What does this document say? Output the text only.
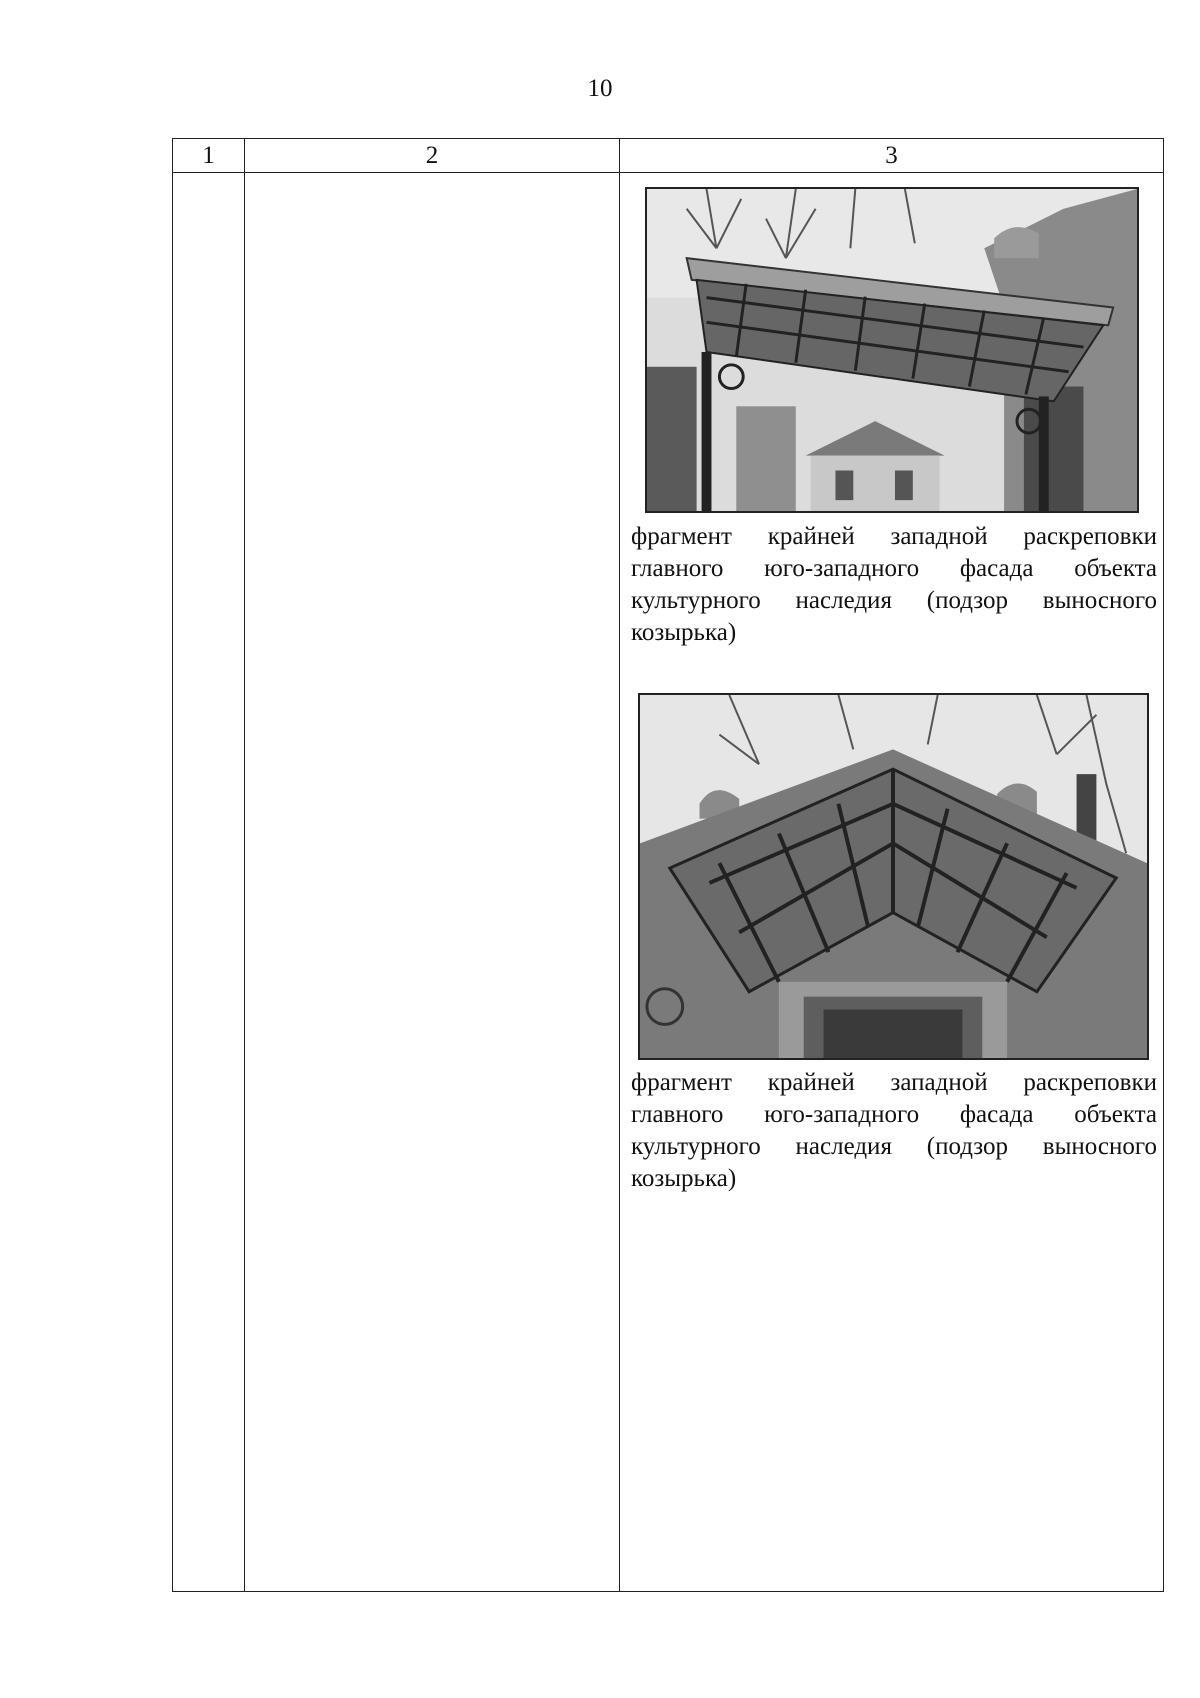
10
1	2	3

фрагмент крайней западной раскреповки главного юго-западного фасада объекта культурного наследия (подзор выносного козырька)

фрагмент крайней западной раскреповки главного юго-западного фасада объекта культурного наследия (подзор выносного козырька)
